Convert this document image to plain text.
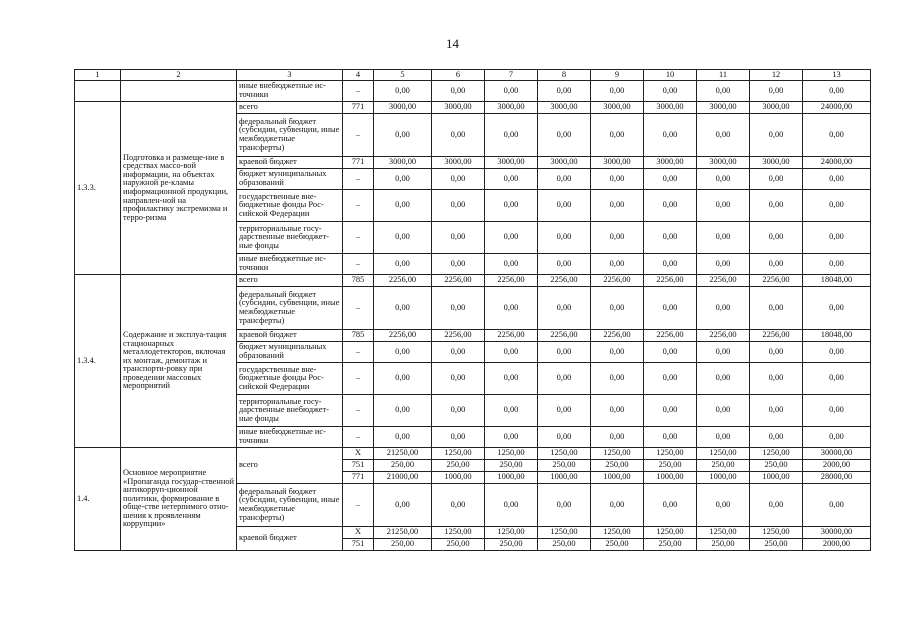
14
1	2	3	4	5	6	7	8	9	10	11	12	13
		иные внебюджетные ис-точники	–	0,00	0,00	0,00	0,00	0,00	0,00	0,00	0,00	0,00
1.3.3.	Подготовка и размеще-ние в средствах массо-вой информации, на объектах наружной ре-кламы информационной продукции, направлен-ной на профилактику экстремизма и терро-ризма	всего	771	3000,00	3000,00	3000,00	3000,00	3000,00	3000,00	3000,00	3000,00	24000,00
		федеральный бюджет (субсидии, субвенции, иные межбюджетные трансферты)	–	0,00	0,00	0,00	0,00	0,00	0,00	0,00	0,00	0,00
		краевой бюджет	771	3000,00	3000,00	3000,00	3000,00	3000,00	3000,00	3000,00	3000,00	24000,00
		бюджет муниципальных образований	–	0,00	0,00	0,00	0,00	0,00	0,00	0,00	0,00	0,00
		государственные вне-бюджетные фонды Рос-сийской Федерации	–	0,00	0,00	0,00	0,00	0,00	0,00	0,00	0,00	0,00
		территориальные госу-дарственные внебюджет-ные фонды	–	0,00	0,00	0,00	0,00	0,00	0,00	0,00	0,00	0,00
		иные внебюджетные ис-точники	–	0,00	0,00	0,00	0,00	0,00	0,00	0,00	0,00	0,00
1.3.4.	Содержание и эксплуа-тация стационарных металлодетекторов, включая их монтаж, демонтаж и транспорти-ровку при проведении массовых мероприятий	всего	785	2256,00	2256,00	2256,00	2256,00	2256,00	2256,00	2256,00	2256,00	18048,00
		федеральный бюджет (субсидии, субвенции, иные межбюджетные трансферты)	–	0,00	0,00	0,00	0,00	0,00	0,00	0,00	0,00	0,00
		краевой бюджет	785	2256,00	2256,00	2256,00	2256,00	2256,00	2256,00	2256,00	2256,00	18048,00
		бюджет муниципальных образований	–	0,00	0,00	0,00	0,00	0,00	0,00	0,00	0,00	0,00
		государственные вне-бюджетные фонды Рос-сийской Федерации	–	0,00	0,00	0,00	0,00	0,00	0,00	0,00	0,00	0,00
		территориальные госу-дарственные внебюджет-ные фонды	–	0,00	0,00	0,00	0,00	0,00	0,00	0,00	0,00	0,00
		иные внебюджетные ис-точники	–	0,00	0,00	0,00	0,00	0,00	0,00	0,00	0,00	0,00
1.4.	Основное мероприятие «Пропаганда государ-ственной антикорруп-ционной политики, формирование в обще-стве нетерпимого отно-шения к проявлениям коррупции»	всего	X	21250,00	1250,00	1250,00	1250,00	1250,00	1250,00	1250,00	1250,00	30000,00
			751	250,00	250,00	250,00	250,00	250,00	250,00	250,00	250,00	2000,00
			771	21000,00	1000,00	1000,00	1000,00	1000,00	1000,00	1000,00	1000,00	28000,00
		федеральный бюджет (субсидии, субвенции, иные межбюджетные трансферты)	–	0,00	0,00	0,00	0,00	0,00	0,00	0,00	0,00	0,00
		краевой бюджет	X	21250,00	1250,00	1250,00	1250,00	1250,00	1250,00	1250,00	1250,00	30000,00
			751	250,00	250,00	250,00	250,00	250,00	250,00	250,00	250,00	2000,00
